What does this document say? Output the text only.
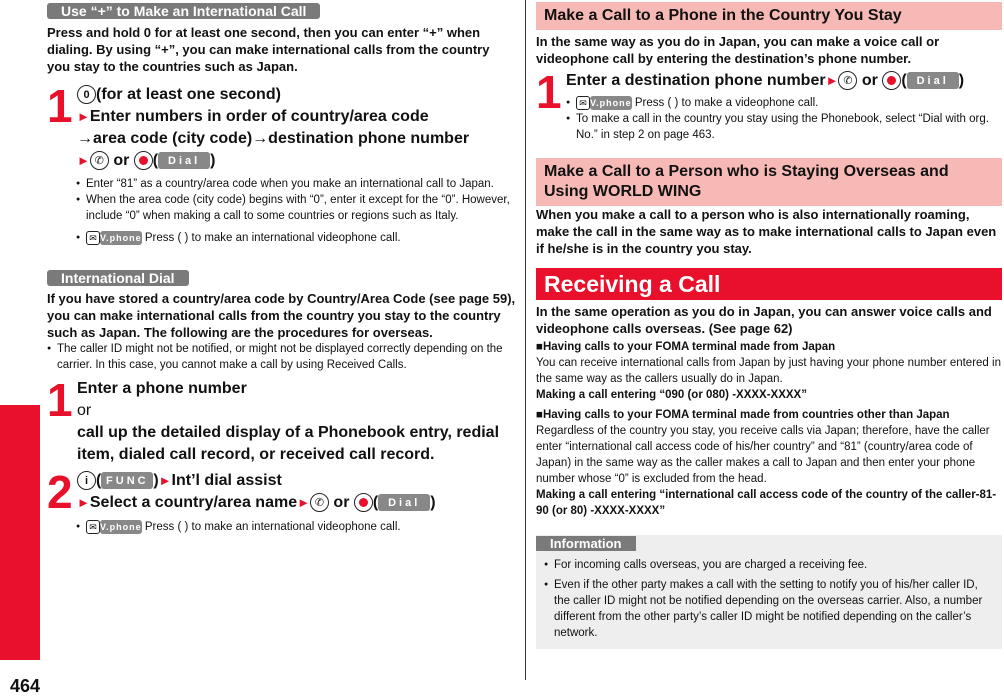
Overseas Use
464
Use “+” to Make an International Call
Press and hold 0 for at least one second, then you can enter “+” when dialing. By using “+”, you can make international calls from the country you stay to the countries such as Japan.
1 0 (for at least one second)
►Enter numbers in order of country/area code
→area code (city code)→destination phone number
► ✆ or ( Dial )
● Enter “81” as a country/area code when you make an international call to Japan.
● When the area code (city code) begins with “0”, enter it except for the “0”. However, include “0” when making a call to some countries or regions such as Italy.
● ✉ V.phone Press ( ) to make an international videophone call.
International Dial
If you have stored a country/area code by Country/Area Code (see page 59), you can make international calls from the country you stay to the country such as Japan. The following are the procedures for overseas.
● The caller ID might not be notified, or might not be displayed correctly depending on the carrier. In this case, you cannot make a call by using Received Calls.
1 Enter a phone number
or
call up the detailed display of a Phonebook entry, redial item, dialed call record, or received call record.
2	i ( FUNC )►Int’l dial assist
►Select a country/area name► ✆ or ( Dial )
● ✉ V.phone Press ( ) to make an international videophone call.
Make a Call to a Phone in the Country You Stay
In the same way as you do in Japan, you can make a voice call or videophone call by entering the destination’s phone number.
1 Enter a destination phone number► ✆ or ( Dial )
● ✉ V.phone Press ( ) to make a videophone call.
● To make a call in the country you stay using the Phonebook, select “Dial with org. No.” in step 2 on page 463.
Make a Call to a Person who is Staying Overseas and Using WORLD WING
When you make a call to a person who is also internationally roaming, make the call in the same way as to make international calls to Japan even if he/she is in the country you stay.
Receiving a Call
In the same operation as you do in Japan, you can answer voice calls and videophone calls overseas. (See page 62)
■Having calls to your FOMA terminal made from Japan
You can receive international calls from Japan by just having your phone number entered in the same way as the callers usually do in Japan.
Making a call entering “090 (or 080) -XXXX-XXXX”
■Having calls to your FOMA terminal made from countries other than Japan
Regardless of the country you stay, you receive calls via Japan; therefore, have the caller enter “international call access code of his/her country” and “81” (country/area code of Japan) in the same way as the caller makes a call to Japan and then enter your phone number whose “0” is excluded from the head.
Making a call entering “international call access code of the country of the caller-81-90 (or 80) -XXXX-XXXX”
Information
● For incoming calls overseas, you are charged a receiving fee.
● Even if the other party makes a call with the setting to notify you of his/her caller ID, the caller ID might not be notified depending on the overseas carrier. Also, a number different from the other party’s caller ID might be notified depending on the caller’s network.
